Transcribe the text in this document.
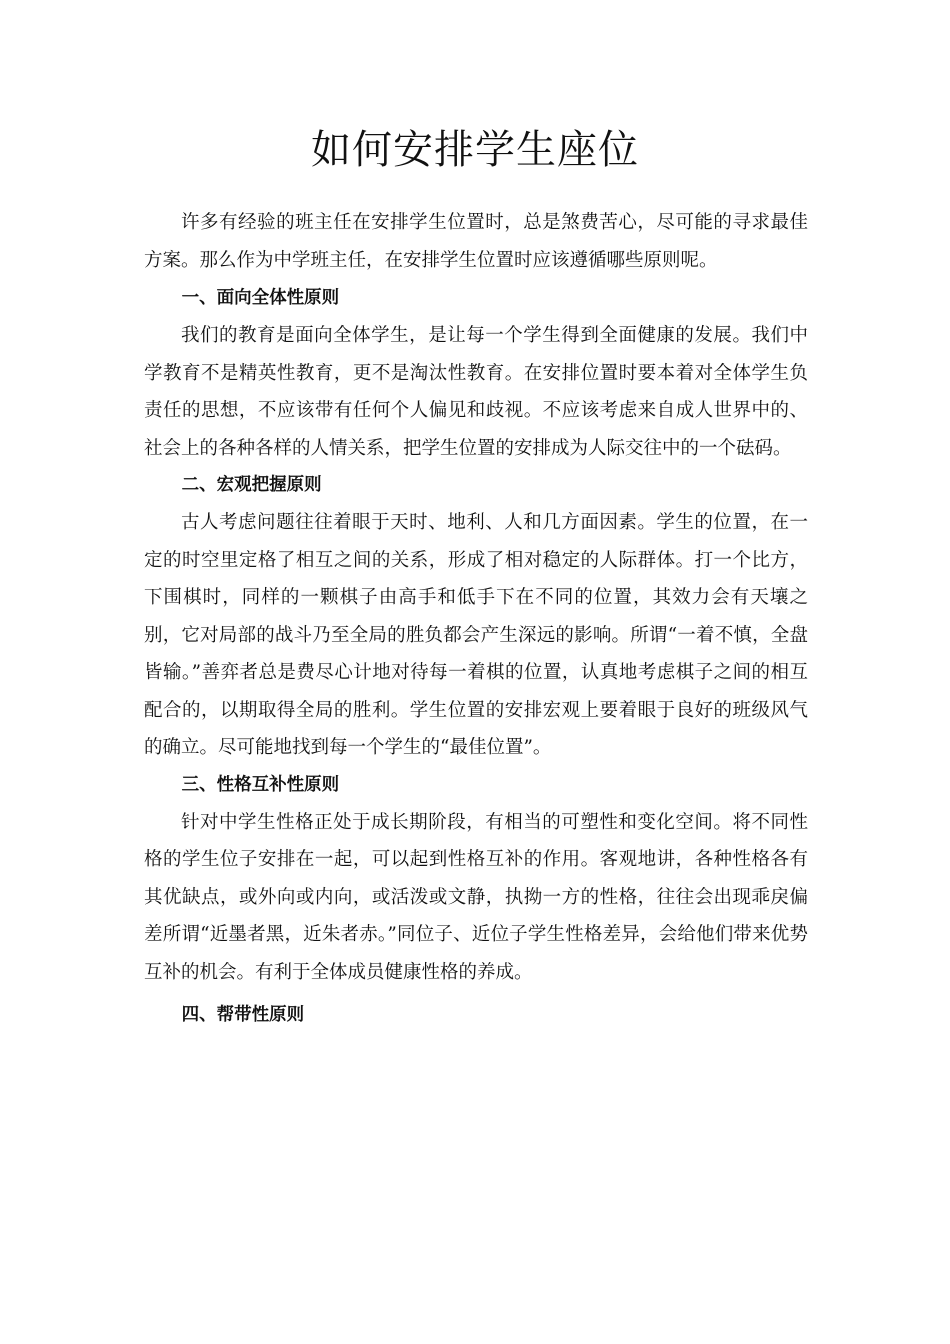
如何安排学生座位

许多有经验的班主任在安排学生位置时，总是煞费苦心，尽可能的寻求最佳方案。那么作为中学班主任，在安排学生位置时应该遵循哪些原则呢。

一、面向全体性原则

我们的教育是面向全体学生，是让每一个学生得到全面健康的发展。我们中学教育不是精英性教育，更不是淘汰性教育。在安排位置时要本着对全体学生负责任的思想，不应该带有任何个人偏见和歧视。不应该考虑来自成人世界中的、社会上的各种各样的人情关系，把学生位置的安排成为人际交往中的一个砝码。

二、宏观把握原则

古人考虑问题往往着眼于天时、地利、人和几方面因素。学生的位置，在一定的时空里定格了相互之间的关系，形成了相对稳定的人际群体。打一个比方，下围棋时，同样的一颗棋子由高手和低手下在不同的位置，其效力会有天壤之别，它对局部的战斗乃至全局的胜负都会产生深远的影响。所谓“一着不慎，全盘皆输。”善弈者总是费尽心计地对待每一着棋的位置，认真地考虑棋子之间的相互配合的，以期取得全局的胜利。学生位置的安排宏观上要着眼于良好的班级风气的确立。尽可能地找到每一个学生的“最佳位置”。

三、性格互补性原则

针对中学生性格正处于成长期阶段，有相当的可塑性和变化空间。将不同性格的学生位子安排在一起，可以起到性格互补的作用。客观地讲，各种性格各有其优缺点，或外向或内向，或活泼或文静，执拗一方的性格，往往会出现乖戾偏差所谓“近墨者黑，近朱者赤。”同位子、近位子学生性格差异，会给他们带来优势互补的机会。有利于全体成员健康性格的养成。

四、帮带性原则
